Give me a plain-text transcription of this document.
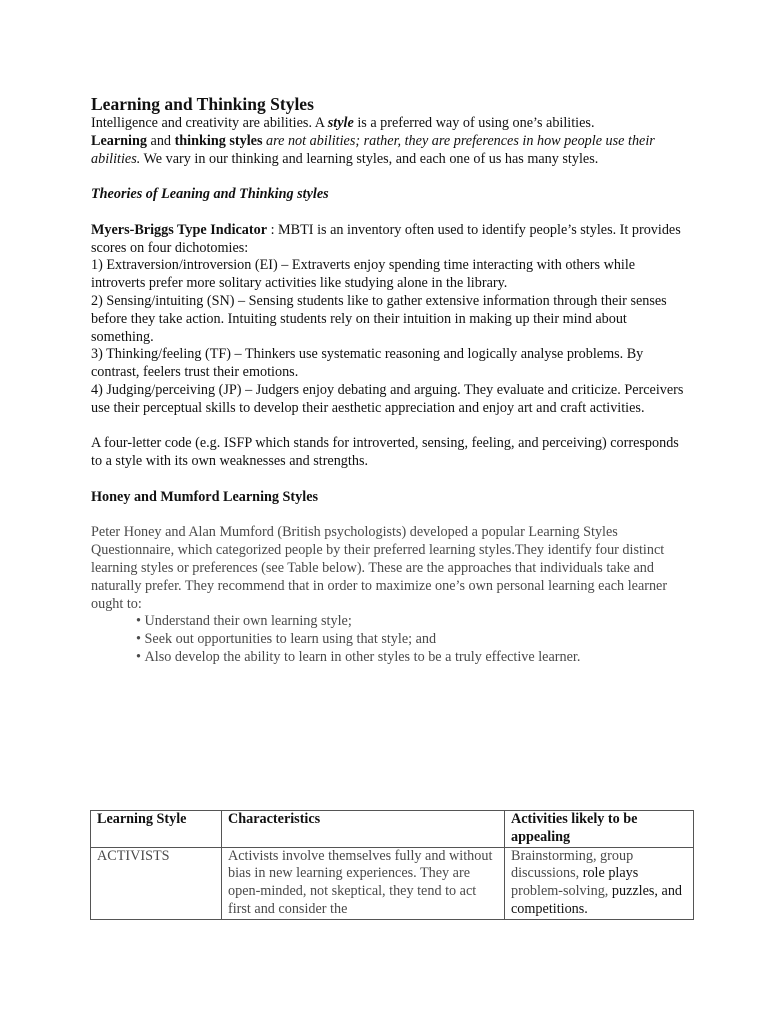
Learning and Thinking Styles

Intelligence and creativity are abilities. A style is a preferred way of using one’s abilities.

Learning and thinking styles are not abilities; rather, they are preferences in how people use their abilities. We vary in our thinking and learning styles, and each one of us has many styles.

Theories of Leaning and Thinking styles

Myers-Briggs Type Indicator : MBTI is an inventory often used to identify people’s styles. It provides scores on four dichotomies:

1) Extraversion/introversion (EI) – Extraverts enjoy spending time interacting with others while introverts prefer more solitary activities like studying alone in the library.

2) Sensing/intuiting (SN) – Sensing students like to gather extensive information through their senses before they take action. Intuiting students rely on their intuition in making up their mind about something.

3) Thinking/feeling (TF) – Thinkers use systematic reasoning and logically analyse problems. By contrast, feelers trust their emotions.

4) Judging/perceiving (JP) – Judgers enjoy debating and arguing. They evaluate and criticize. Perceivers use their perceptual skills to develop their aesthetic appreciation and enjoy art and craft activities.

A four-letter code (e.g. ISFP which stands for introverted, sensing, feeling, and perceiving) corresponds to a style with its own weaknesses and strengths.

Honey and Mumford Learning Styles

Peter Honey and Alan Mumford (British psychologists) developed a popular Learning Styles Questionnaire, which categorized people by their preferred learning styles.They identify four distinct learning styles or preferences (see Table below). These are the approaches that individuals take and naturally prefer. They recommend that in order to maximize one’s own personal learning each learner ought to:

• Understand their own learning style;
• Seek out opportunities to learn using that style; and
• Also develop the ability to learn in other styles to be a truly effective learner.
Learning Style	Characteristics	Activities likely to be appealing
ACTIVISTS	Activists involve themselves fully and without bias in new learning experiences. They are open-minded, not skeptical, they tend to act first and consider the	Brainstorming, group discussions, role plays problem-solving, puzzles, and competitions.
